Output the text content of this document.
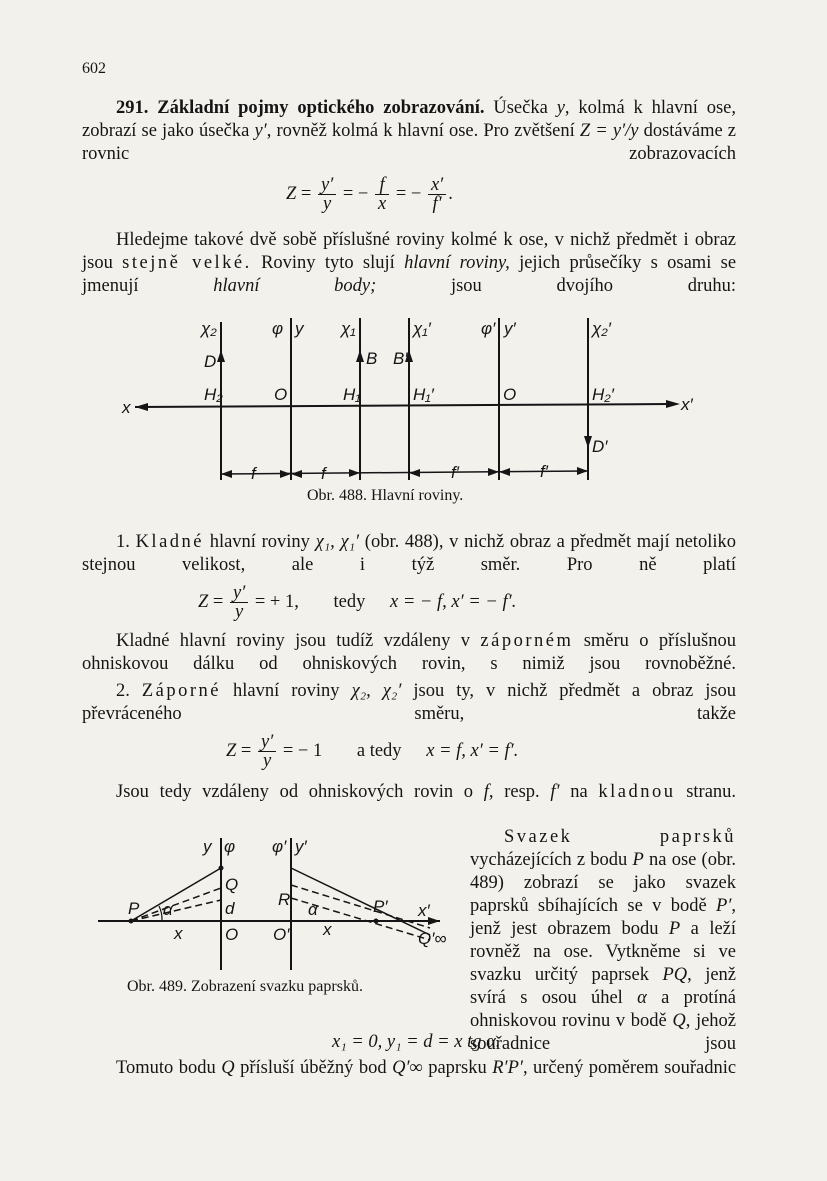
602
291. Základní pojmy optického zobrazování. Úsečka y, kolmá k hlavní ose, zobrazí se jako úsečka y′, rovněž kolmá k hlavní ose. Pro zvětšení Z = y′/y dostáváme z rovnic zobrazovacích
$Z = \frac{y'}{y}$ = − $\frac{f}{x}$ = − $\frac{x'}{f'}$ .
Hledejme takové dvě sobě příslušné roviny kolmé k ose, v nichž předmět i obraz jsou stejně velké. Roviny tyto slují hlavní roviny, jejich průsečíky s osami se jmenují	hlavní body;	jsou dvojího druhu:
χ₂	φ y χ₁	χ₁′	φ′ y′	χ₂′
D	B B′
H₂	O	H₁	H₁′	O	H₂′
x	x′
D′
f	f	f′	f′
Obr. 488. Hlavní roviny.
1. Kladné hlavní roviny χ₁, χ₁′ (obr. 488), v nichž obraz a předmět mají netoliko stejnou velikost, ale i týž směr. Pro ně platí
$Z = \frac{y'}{y}$ = + 1, tedy x = − f, x′ = − f′.
Kladné hlavní roviny jsou tudíž vzdáleny v záporném směru o příslušnou ohniskovou dálku od ohniskových rovin, s nimiž jsou rovnoběžné.
2. Záporné hlavní roviny χ₂, χ₂′ jsou ty, v nichž předmět a obraz jsou převráceného směru, takže
$Z = \frac{y'}{y}$ = − 1 a tedy x = f, x′ = f′.
Jsou tedy vzdáleny od ohniskových rovin o f, resp. f′ na kladnou stranu.
y φ φ′ y′
Q
d	R
P α
x	O O′
α
x
P′ x′
Q′∞
Obr. 489. Zobrazení svazku paprsků.
Svazek paprsků vycházejících z bodu P na ose (obr. 489) zobrazí se jako svazek paprsků sbíhajících se v bodě P′, jenž jest obrazem bodu P a leží rovněž na ose. Vytkněme si ve svazku určitý paprsek PQ, jenž svírá s osou úhel α a protíná ohniskovou rovinu v bodě Q, jehož souřadnice jsou
x₁ = 0, y₁ = d = x tg α.
Tomuto bodu Q přísluší úběžný bod Q′∞ paprsku R′P′, určený poměrem souřadnic
